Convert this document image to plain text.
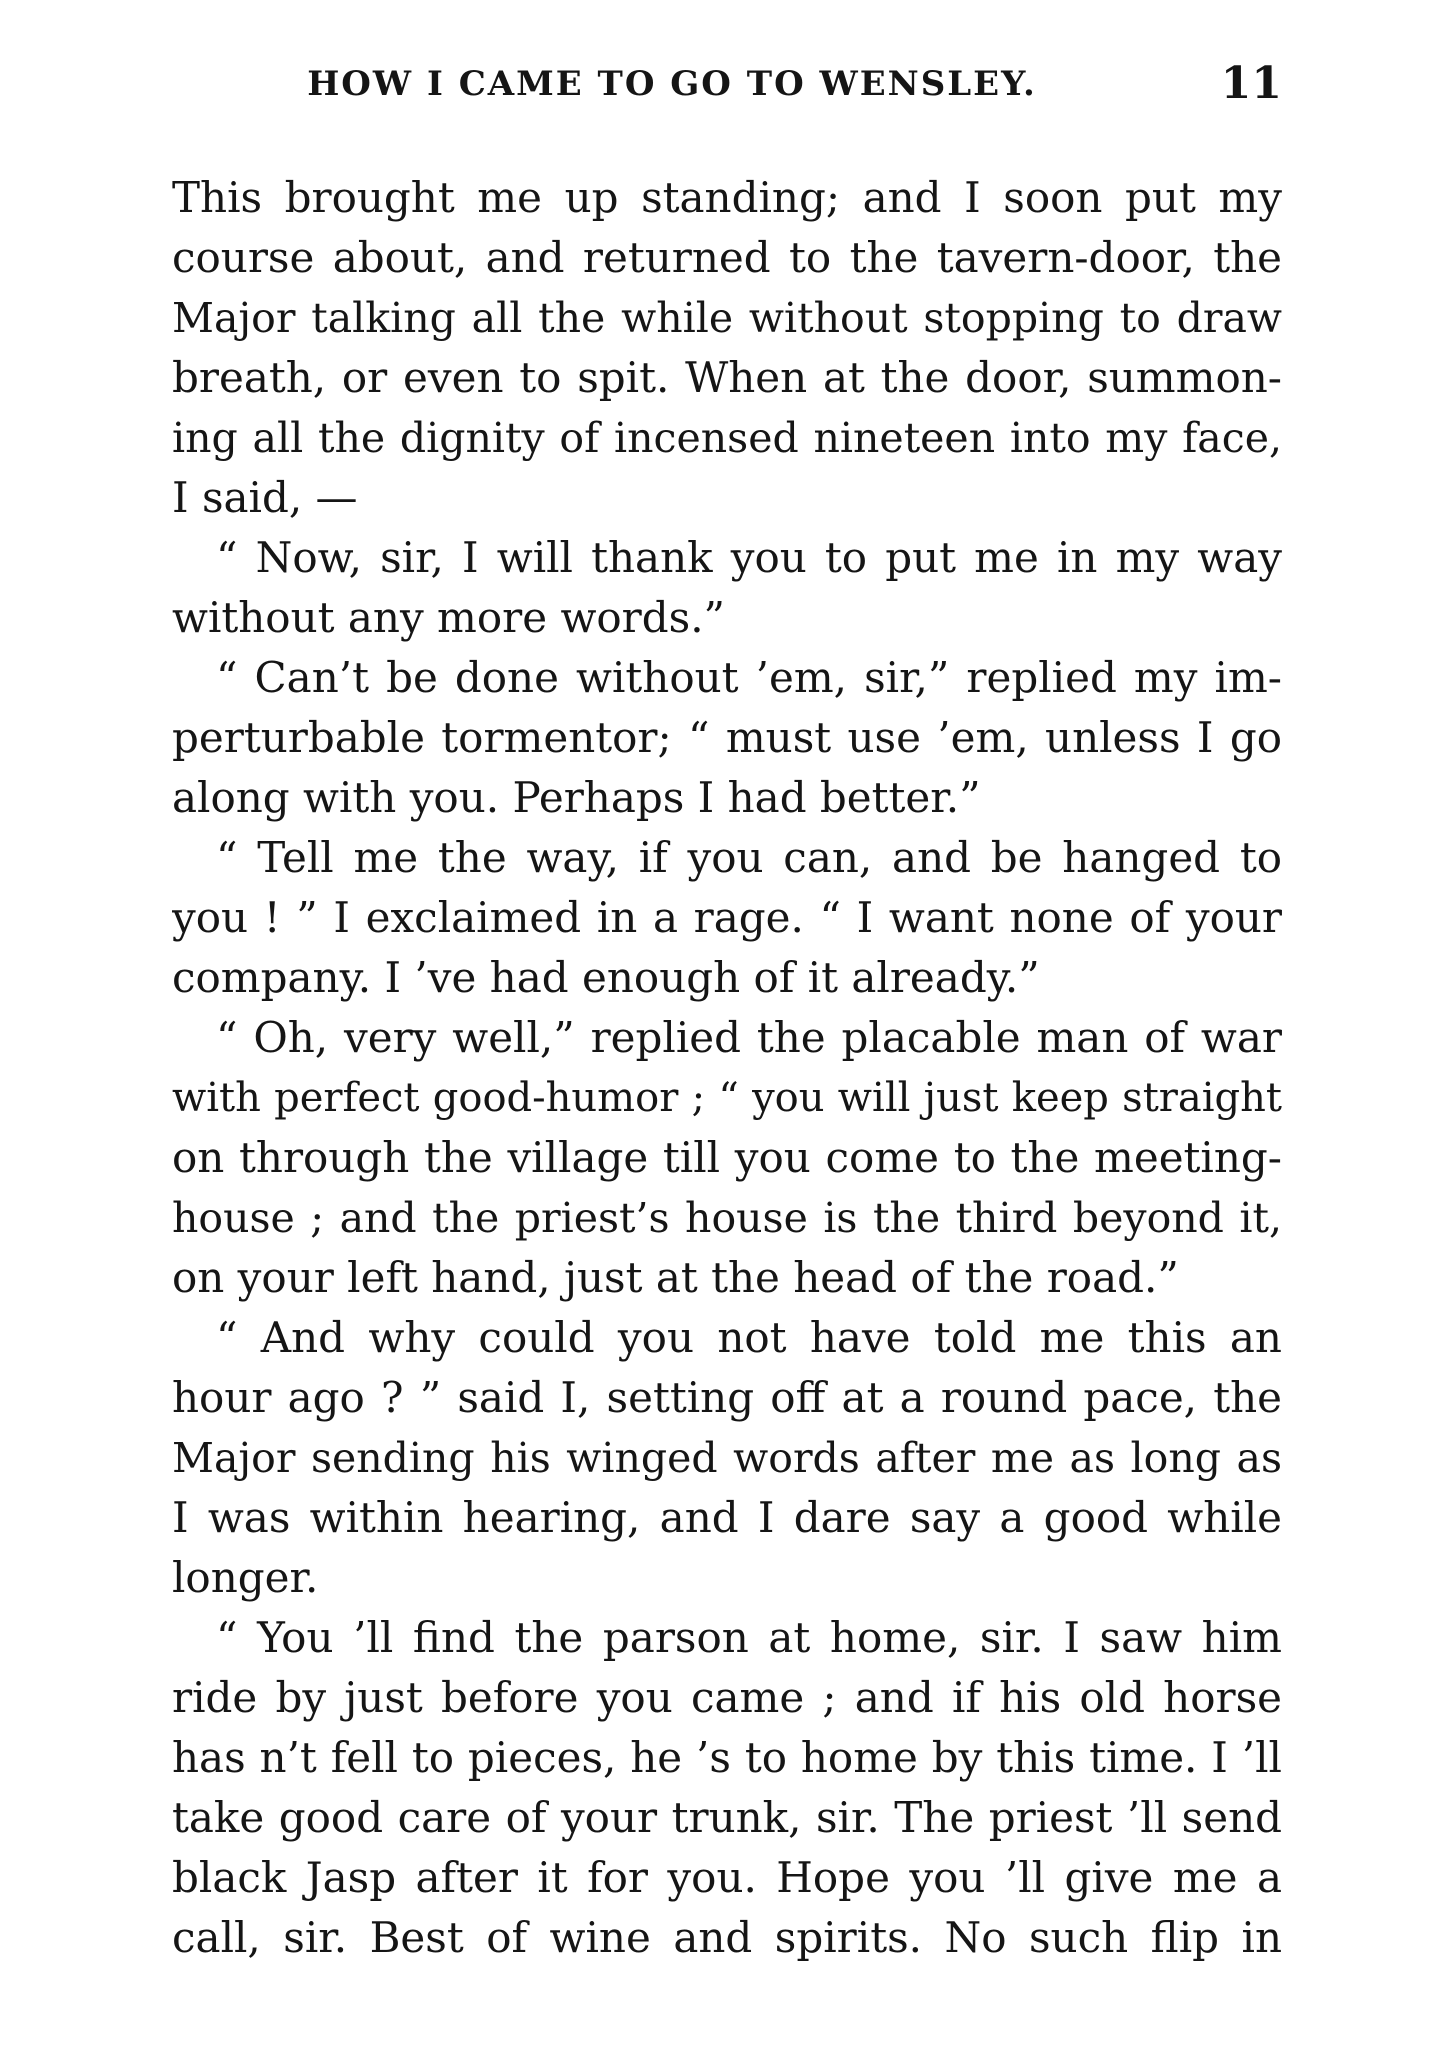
HOW I CAME TO GO TO WENSLEY.	11
This brought me up standing; and I soon put my
course about, and returned to the tavern-door, the
Major talking all the while without stopping to draw
breath, or even to spit. When at the door, summon-
ing all the dignity of incensed nineteen into my face,
I said, —
“ Now, sir, I will thank you to put me in my way
without any more words.”
“ Can’t be done without ’em, sir,” replied my im-
perturbable tormentor; “ must use ’em, unless I go
along with you. Perhaps I had better.”
“ Tell me the way, if you can, and be hanged to
you ! ” I exclaimed in a rage. “ I want none of your
company. I ’ve had enough of it already.”
“ Oh, very well,” replied the placable man of war
with perfect good-humor ; “ you will just keep straight
on through the village till you come to the meeting-
house ; and the priest’s house is the third beyond it,
on your left hand, just at the head of the road.”
“ And why could you not have told me this an
hour ago ? ” said I, setting off at a round pace, the
Major sending his winged words after me as long as
I was within hearing, and I dare say a good while
longer.
“ You ’ll find the parson at home, sir. I saw him
ride by just before you came ; and if his old horse
has n’t fell to pieces, he ’s to home by this time. I ’ll
take good care of your trunk, sir. The priest ’ll send
black Jasp after it for you. Hope you ’ll give me a
call, sir. Best of wine and spirits. No such flip in
